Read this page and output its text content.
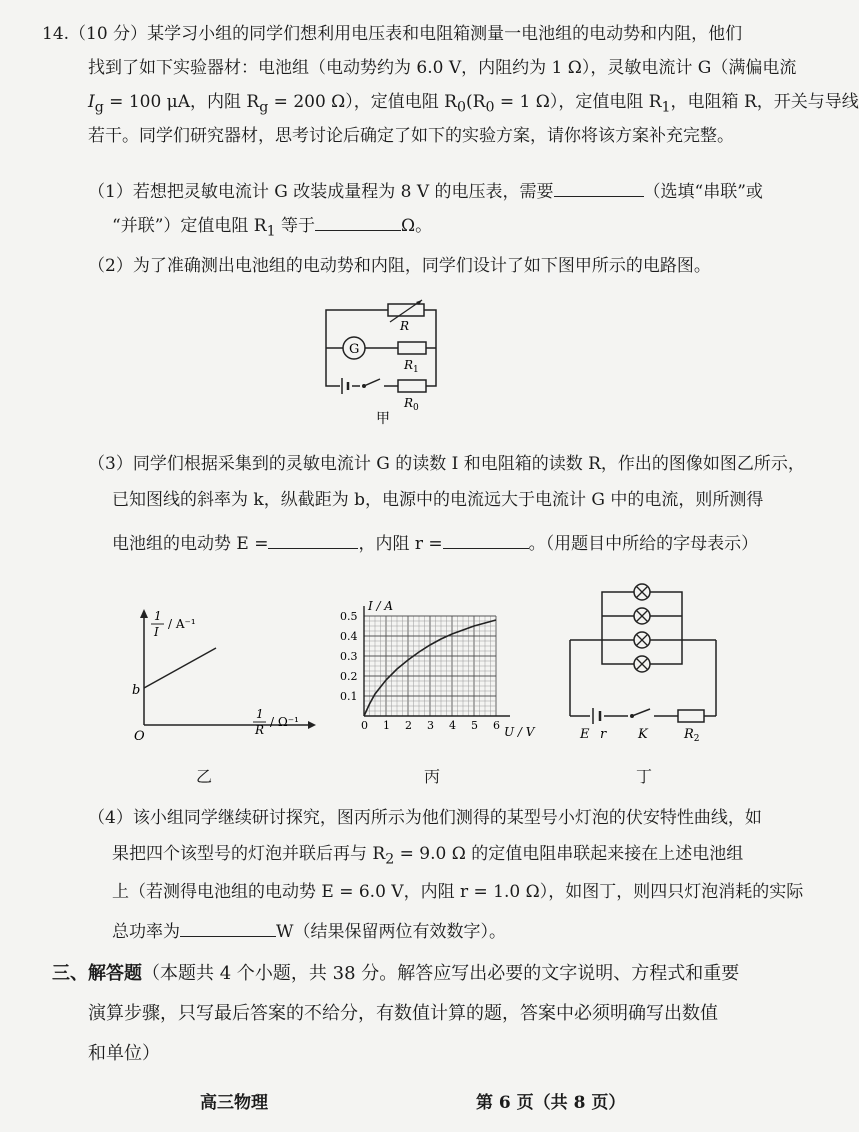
14.（10 分）某学习小组的同学们想利用电压表和电阻箱测量一电池组的电动势和内阻，他们
找到了如下实验器材：电池组（电动势约为 6.0 V，内阻约为 1 Ω），灵敏电流计 G（满偏电流
$I_g = 100$ μA，内阻 $R_g = 200$ Ω），定值电阻 $R_0(R_0 = 1$ Ω），定值电阻 $R_1$，电阻箱 R，开关与导线
若干。同学们研究器材，思考讨论后确定了如下的实验方案，请你将该方案补充完整。
（1）若想把灵敏电流计 G 改装成量程为 8 V 的电压表，需要	（选填“串联”或
“并联”）定值电阻 $R_1$ 等于	Ω。
（2）为了准确测出电池组的电动势和内阻，同学们设计了如下图甲所示的电路图。
R
G
$R_1$
$R_0$
甲
（3）同学们根据采集到的灵敏电流计 G 的读数 I 和电阻箱的读数 R，作出的图像如图乙所示，
已知图线的斜率为 k，纵截距为 b，电源中的电流远大于电流计 G 中的电流，则所测得
电池组的电动势 E =	，内阻 r =	。（用题目中所给的字母表示）
1
I
/ A⁻¹
b
O
1
R
/ Ω⁻¹
乙
0 1 2 3 4 5 6
0.1
0.2
0.3
0.4
0.5
I / A
U / V
丙
E r K	$R_2$
丁
（4）该小组同学继续研讨探究，图丙所示为他们测得的某型号小灯泡的伏安特性曲线，如
果把四个该型号的灯泡并联后再与 $R_2 = 9.0$ Ω 的定值电阻串联起来接在上述电池组
上（若测得电池组的电动势 E = 6.0 V，内阻 r = 1.0 Ω），如图丁，则四只灯泡消耗的实际
总功率为	W（结果保留两位有效数字）。
三、解答题（本题共 4 个小题，共 38 分。解答应写出必要的文字说明、方程式和重要
演算步骤，只写最后答案的不给分，有数值计算的题，答案中必须明确写出数值
和单位）
高三物理	第 6 页（共 8 页）
